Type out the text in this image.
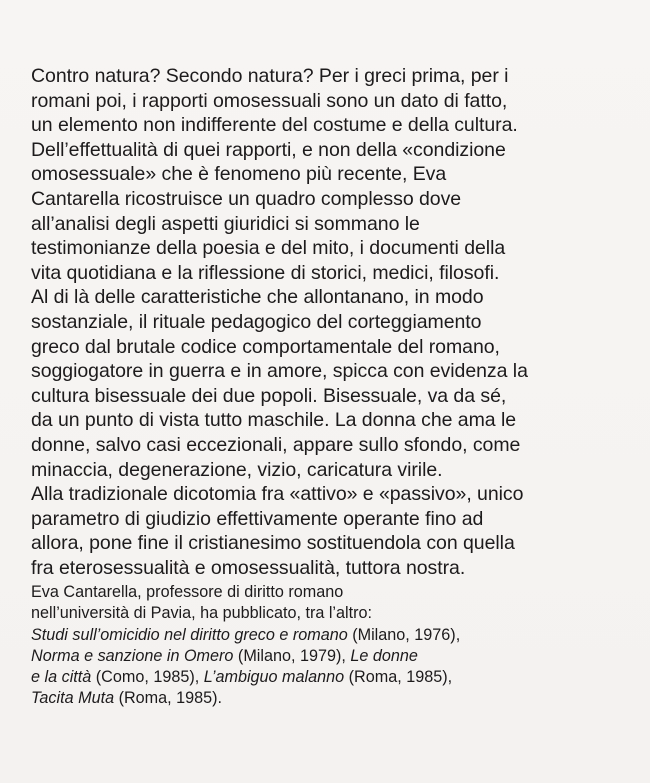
Contro natura? Secondo natura? Per i greci prima, per i
romani poi, i rapporti omosessuali sono un dato di fatto,
un elemento non indifferente del costume e della cultura.
Dell’effettualità di quei rapporti, e non della «condizione
omosessuale» che è fenomeno più recente, Eva
Cantarella ricostruisce un quadro complesso dove
all’analisi degli aspetti giuridici si sommano le
testimonianze della poesia e del mito, i documenti della
vita quotidiana e la riflessione di storici, medici, filosofi.
Al di là delle caratteristiche che allontanano, in modo
sostanziale, il rituale pedagogico del corteggiamento
greco dal brutale codice comportamentale del romano,
soggiogatore in guerra e in amore, spicca con evidenza la
cultura bisessuale dei due popoli. Bisessuale, va da sé,
da un punto di vista tutto maschile. La donna che ama le
donne, salvo casi eccezionali, appare sullo sfondo, come
minaccia, degenerazione, vizio, caricatura virile.
Alla tradizionale dicotomia fra «attivo» e «passivo», unico
parametro di giudizio effettivamente operante fino ad
allora, pone fine il cristianesimo sostituendola con quella
fra eterosessualità e omosessualità, tuttora nostra.
Eva Cantarella, professore di diritto romano
nell’università di Pavia, ha pubblicato, tra l’altro:
Studi sull’omicidio nel diritto greco e romano (Milano, 1976),
Norma e sanzione in Omero (Milano, 1979), Le donne
e la città (Como, 1985), L’ambiguo malanno (Roma, 1985),
Tacita Muta (Roma, 1985).
